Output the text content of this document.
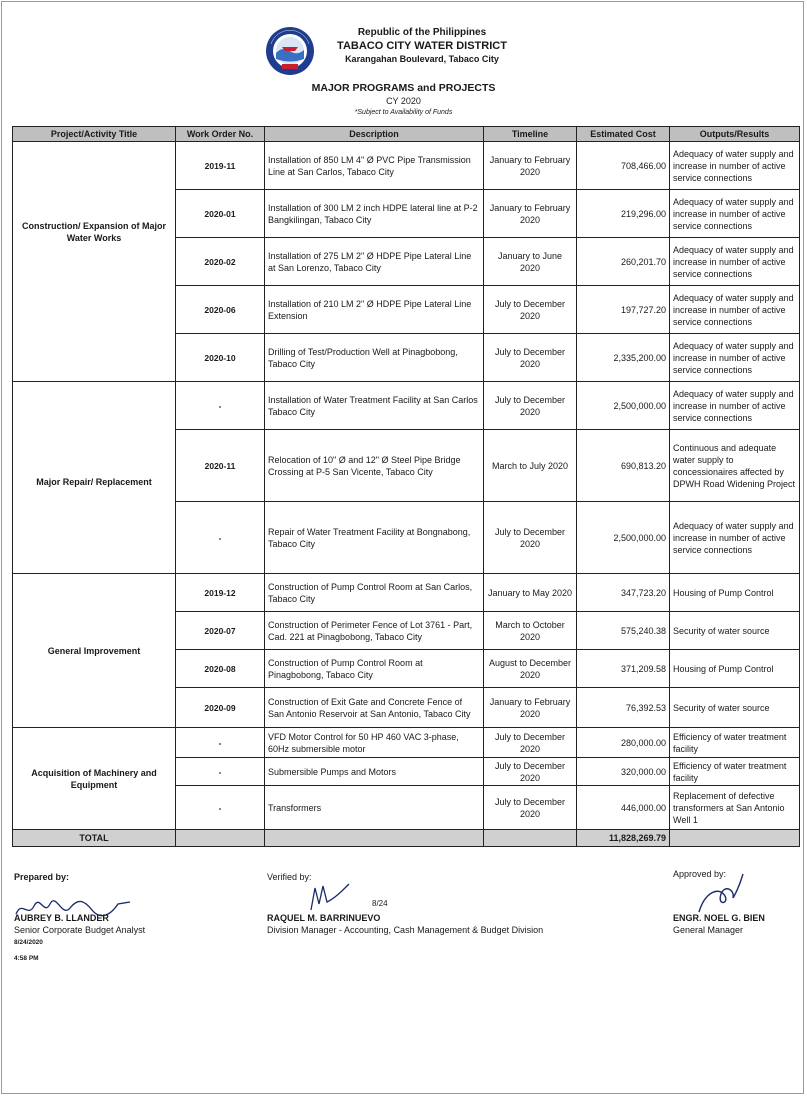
Republic of the Philippines
TABACO CITY WATER DISTRICT
Karangahan Boulevard, Tabaco City
MAJOR PROGRAMS and PROJECTS
CY 2020
*Subject to Availability of Funds
Project/Activity Title	Work Order No.	Description	Timeline	Estimated Cost	Outputs/Results
Construction/ Expansion of Major Water Works	2019-11	Installation of 850 LM 4" Ø PVC Pipe Transmission Line at San Carlos, Tabaco City	January to February 2020	708,466.00	Adequacy of water supply and increase in number of active service connections
	2020-01	Installation of 300 LM 2 inch HDPE lateral line at P-2 Bangkilingan, Tabaco City	January to February 2020	219,296.00	Adequacy of water supply and increase in number of active service connections
	2020-02	Installation of 275 LM 2" Ø HDPE Pipe Lateral Line at San Lorenzo, Tabaco City	January to June 2020	260,201.70	Adequacy of water supply and increase in number of active service connections
	2020-06	Installation of 210 LM 2" Ø HDPE Pipe Lateral Line Extension	July to December 2020	197,727.20	Adequacy of water supply and increase in number of active service connections
	2020-10	Drilling of Test/Production Well at Pinagbobong, Tabaco City	July to December 2020	2,335,200.00	Adequacy of water supply and increase in number of active service connections
Major Repair/ Replacement	-	Installation of Water Treatment Facility at San Carlos Tabaco City	July to December 2020	2,500,000.00	Adequacy of water supply and increase in number of active service connections
	2020-11	Relocation of 10" Ø and 12" Ø Steel Pipe Bridge Crossing at P-5 San Vicente, Tabaco City	March to July 2020	690,813.20	Continuous and adequate water supply to concessionaires affected by DPWH Road Widening Project
	-	Repair of Water Treatment Facility at Bongnabong, Tabaco City	July to December 2020	2,500,000.00	Adequacy of water supply and increase in number of active service connections
General Improvement	2019-12	Construction of Pump Control Room at San Carlos, Tabaco City	January to May 2020	347,723.20	Housing of Pump Control
	2020-07	Construction of Perimeter Fence of Lot 3761 - Part, Cad. 221 at Pinagbobong, Tabaco City	March to October 2020	575,240.38	Security of water source
	2020-08	Construction of Pump Control Room at Pinagbobong, Tabaco City	August to December 2020	371,209.58	Housing of Pump Control
	2020-09	Construction of Exit Gate and Concrete Fence of San Antonio Reservoir at San Antonio, Tabaco City	January to February 2020	76,392.53	Security of water source
Acquisition of Machinery and Equipment	-	VFD Motor Control for 50 HP 460 VAC 3-phase, 60Hz submersible motor	July to December 2020	280,000.00	Efficiency of water treatment facility
	-	Submersible Pumps and Motors	July to December 2020	320,000.00	Efficiency of water treatment facility
	-	Transformers	July to December 2020	446,000.00	Replacement of defective transformers at San Antonio Well 1
TOTAL				11,828,269.79	
Prepared by:
AUBREY B. LLANDER
Senior Corporate Budget Analyst
8/24/2020
4:58 PM
Verified by:
8/24
RAQUEL M. BARRINUEVO
Division Manager - Accounting, Cash Management & Budget Division
Approved by:
ENGR. NOEL G. BIEN
General Manager
